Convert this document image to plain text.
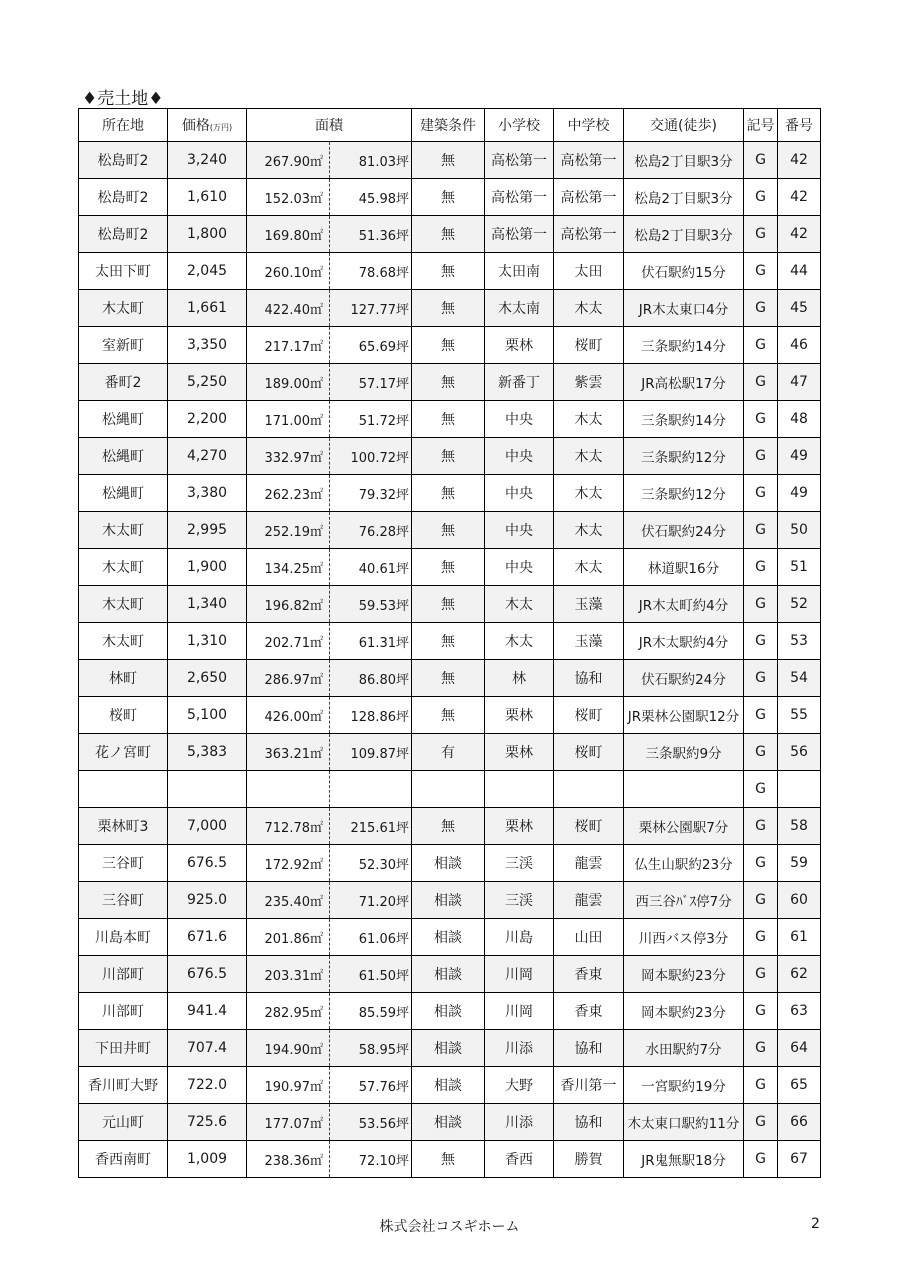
♦売土地♦
所在地	価格(万円)	面積		建築条件	小学校	中学校	交通(徒歩)	記号	番号
松島町2	3,240	267.90㎡	81.03坪	無	高松第一	高松第一	松島2丁目駅3分	G	42
松島町2	1,610	152.03㎡	45.98坪	無	高松第一	高松第一	松島2丁目駅3分	G	42
松島町2	1,800	169.80㎡	51.36坪	無	高松第一	高松第一	松島2丁目駅3分	G	42
太田下町	2,045	260.10㎡	78.68坪	無	太田南	太田	伏石駅約15分	G	44
木太町	1,661	422.40㎡	127.77坪	無	木太南	木太	JR木太東口4分	G	45
室新町	3,350	217.17㎡	65.69坪	無	栗林	桜町	三条駅約14分	G	46
番町2	5,250	189.00㎡	57.17坪	無	新番丁	紫雲	JR高松駅17分	G	47
松縄町	2,200	171.00㎡	51.72坪	無	中央	木太	三条駅約14分	G	48
松縄町	4,270	332.97㎡	100.72坪	無	中央	木太	三条駅約12分	G	49
松縄町	3,380	262.23㎡	79.32坪	無	中央	木太	三条駅約12分	G	49
木太町	2,995	252.19㎡	76.28坪	無	中央	木太	伏石駅約24分	G	50
木太町	1,900	134.25㎡	40.61坪	無	中央	木太	林道駅16分	G	51
木太町	1,340	196.82㎡	59.53坪	無	木太	玉藻	JR木太町約4分	G	52
木太町	1,310	202.71㎡	61.31坪	無	木太	玉藻	JR木太駅約4分	G	53
林町	2,650	286.97㎡	86.80坪	無	林	協和	伏石駅約24分	G	54
桜町	5,100	426.00㎡	128.86坪	無	栗林	桜町	JR栗林公園駅12分	G	55
花ノ宮町	5,383	363.21㎡	109.87坪	有	栗林	桜町	三条駅約9分	G	56
								G	
栗林町3	7,000	712.78㎡	215.61坪	無	栗林	桜町	栗林公園駅7分	G	58
三谷町	676.5	172.92㎡	52.30坪	相談	三渓	龍雲	仏生山駅約23分	G	59
三谷町	925.0	235.40㎡	71.20坪	相談	三渓	龍雲	西三谷ﾊﾞｽ停7分	G	60
川島本町	671.6	201.86㎡	61.06坪	相談	川島	山田	川西バス停3分	G	61
川部町	676.5	203.31㎡	61.50坪	相談	川岡	香東	岡本駅約23分	G	62
川部町	941.4	282.95㎡	85.59坪	相談	川岡	香東	岡本駅約23分	G	63
下田井町	707.4	194.90㎡	58.95坪	相談	川添	協和	水田駅約7分	G	64
香川町大野	722.0	190.97㎡	57.76坪	相談	大野	香川第一	一宮駅約19分	G	65
元山町	725.6	177.07㎡	53.56坪	相談	川添	協和	木太東口駅約11分	G	66
香西南町	1,009	238.36㎡	72.10坪	無	香西	勝賀	JR鬼無駅18分	G	67
株式会社コスギホーム	2
